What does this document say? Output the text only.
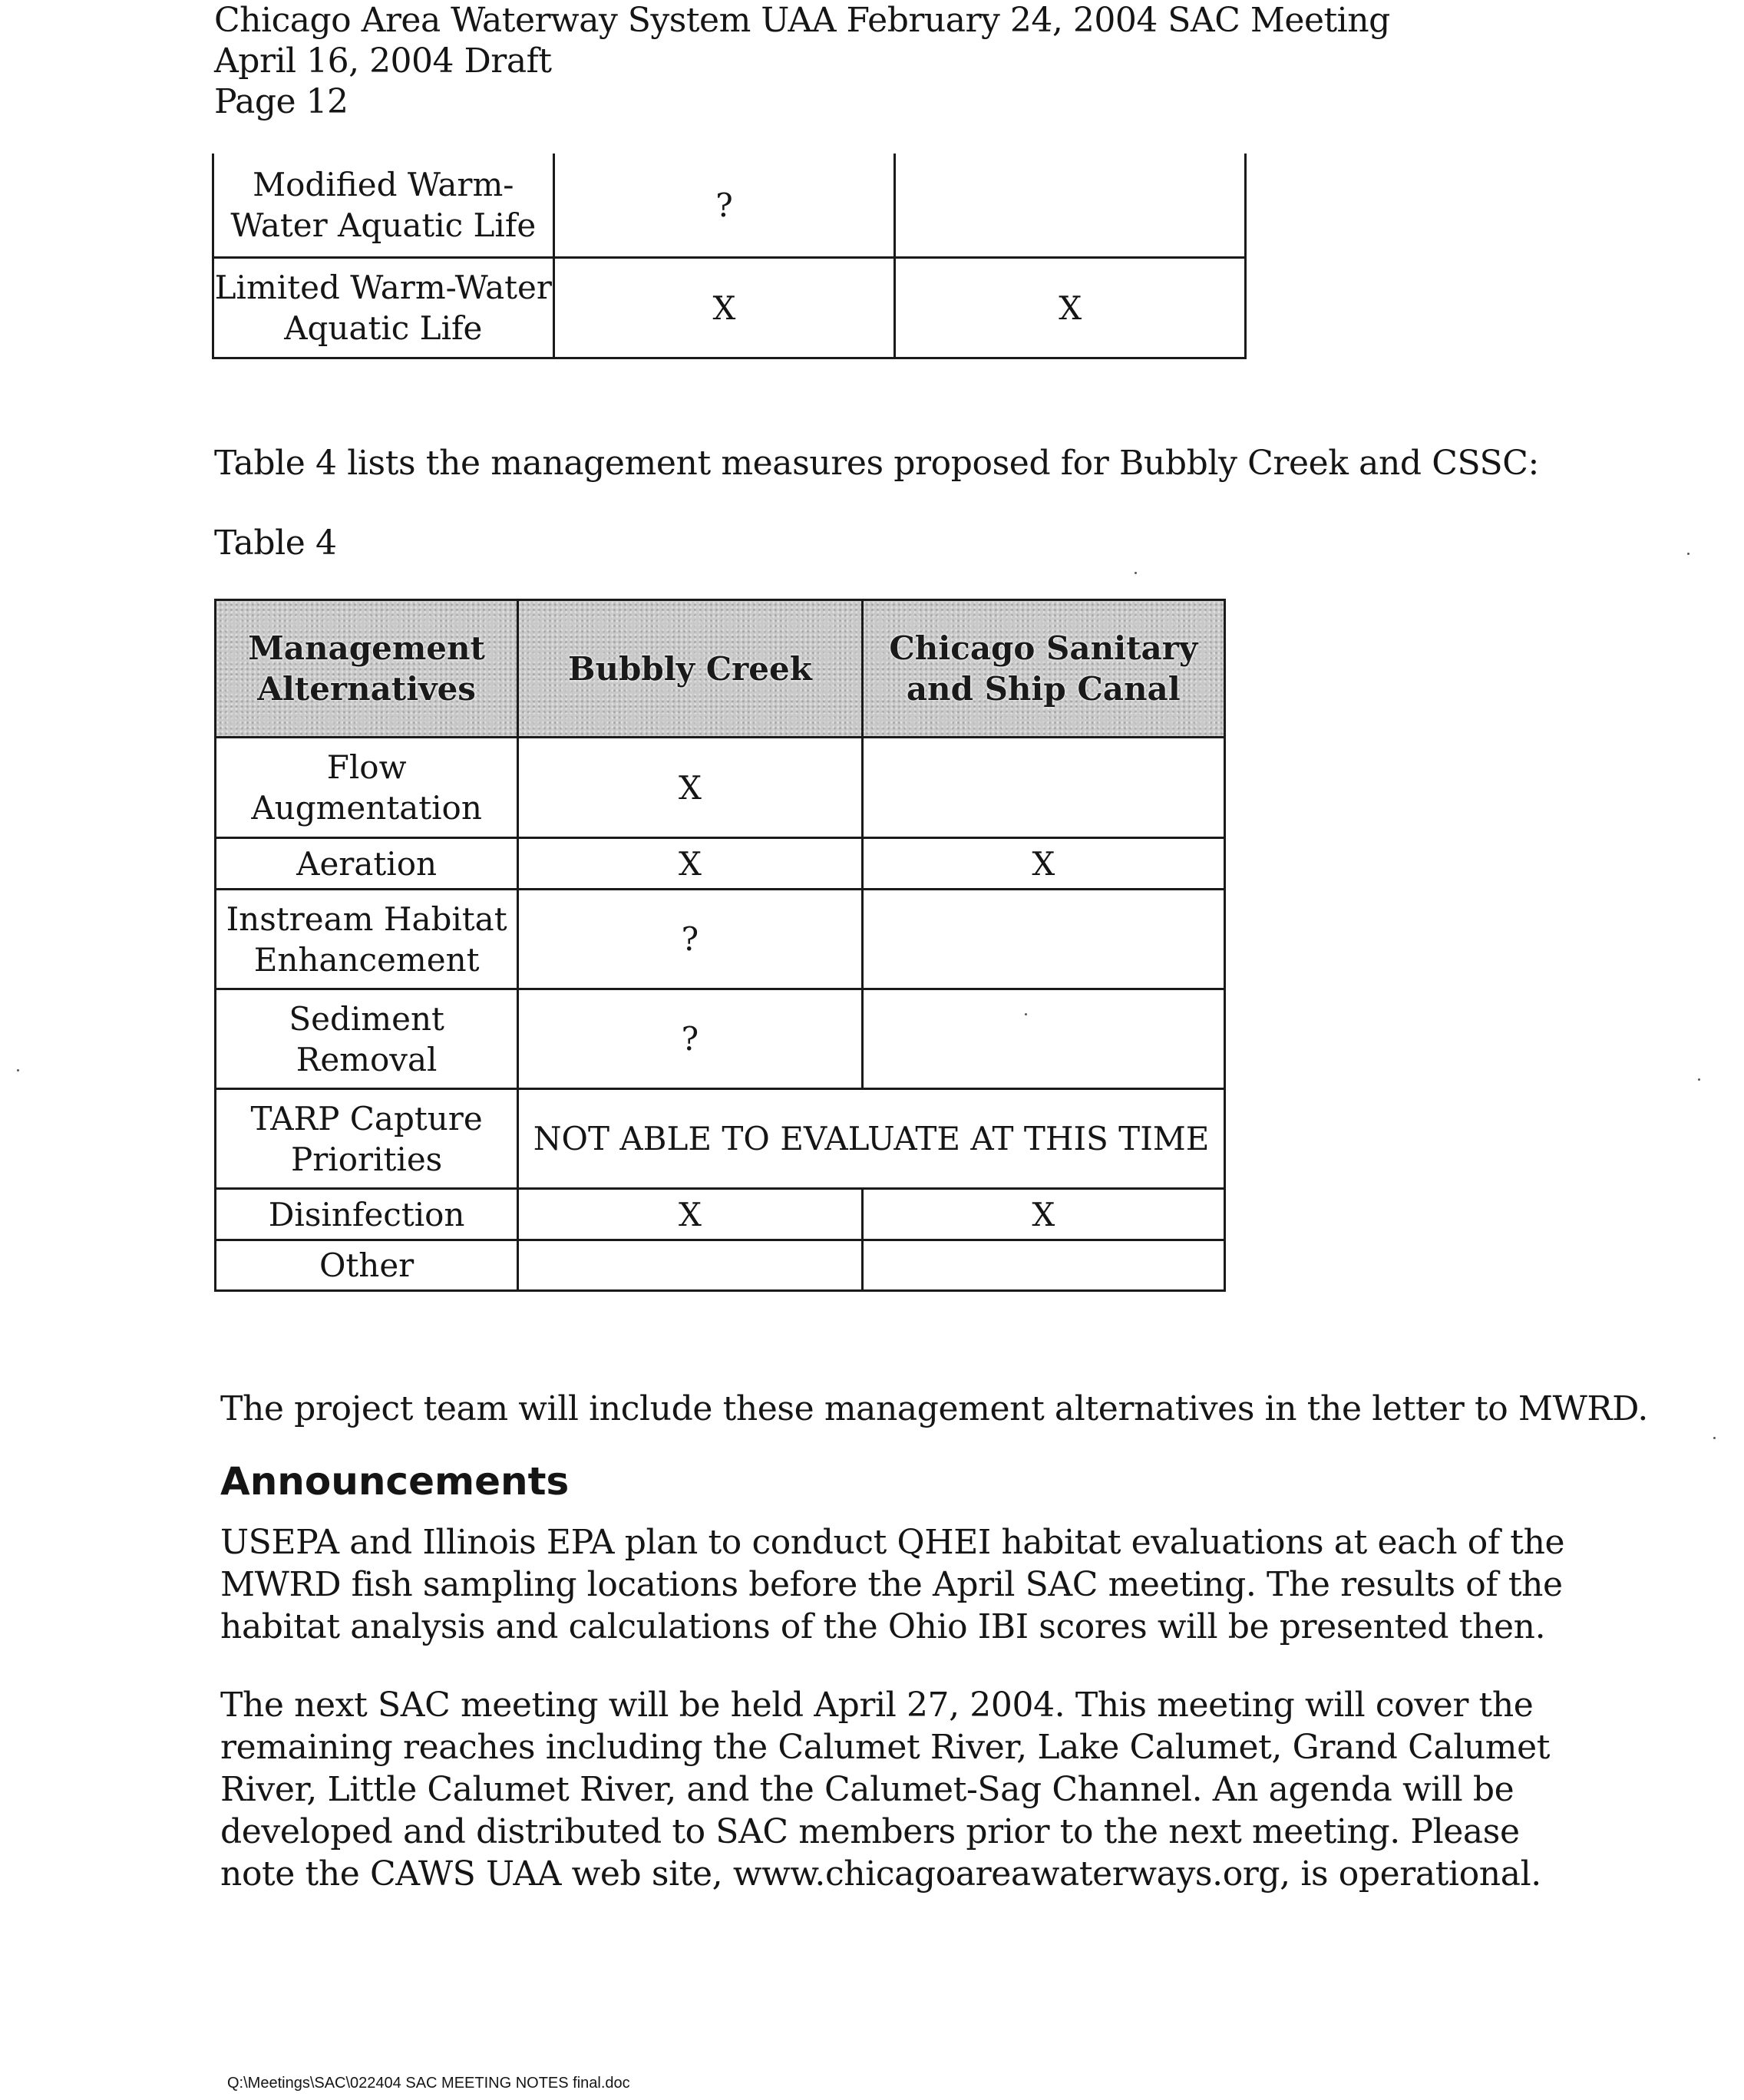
Chicago Area Waterway System UAA February 24, 2004 SAC Meeting
April 16, 2004 Draft
Page 12
Modified Warm-Water Aquatic Life	?	
Limited Warm-Water Aquatic Life	X	X
Table 4 lists the management measures proposed for Bubbly Creek and CSSC:
Table 4
Management Alternatives	Bubbly Creek	Chicago Sanitary and Ship Canal
Flow Augmentation	X	
Aeration	X	X
Instream Habitat Enhancement	?	
Sediment Removal	?	
TARP Capture Priorities	NOT ABLE TO EVALUATE AT THIS TIME	
Disinfection	X	X
Other		
The project team will include these management alternatives in the letter to MWRD.
Announcements
USEPA and Illinois EPA plan to conduct QHEI habitat evaluations at each of the MWRD fish sampling locations before the April SAC meeting. The results of the habitat analysis and calculations of the Ohio IBI scores will be presented then.
The next SAC meeting will be held April 27, 2004. This meeting will cover the remaining reaches including the Calumet River, Lake Calumet, Grand Calumet River, Little Calumet River, and the Calumet-Sag Channel. An agenda will be developed and distributed to SAC members prior to the next meeting. Please note the CAWS UAA web site, www.chicagoareawaterways.org, is operational.
Q:\Meetings\SAC\022404 SAC MEETING NOTES final.doc
